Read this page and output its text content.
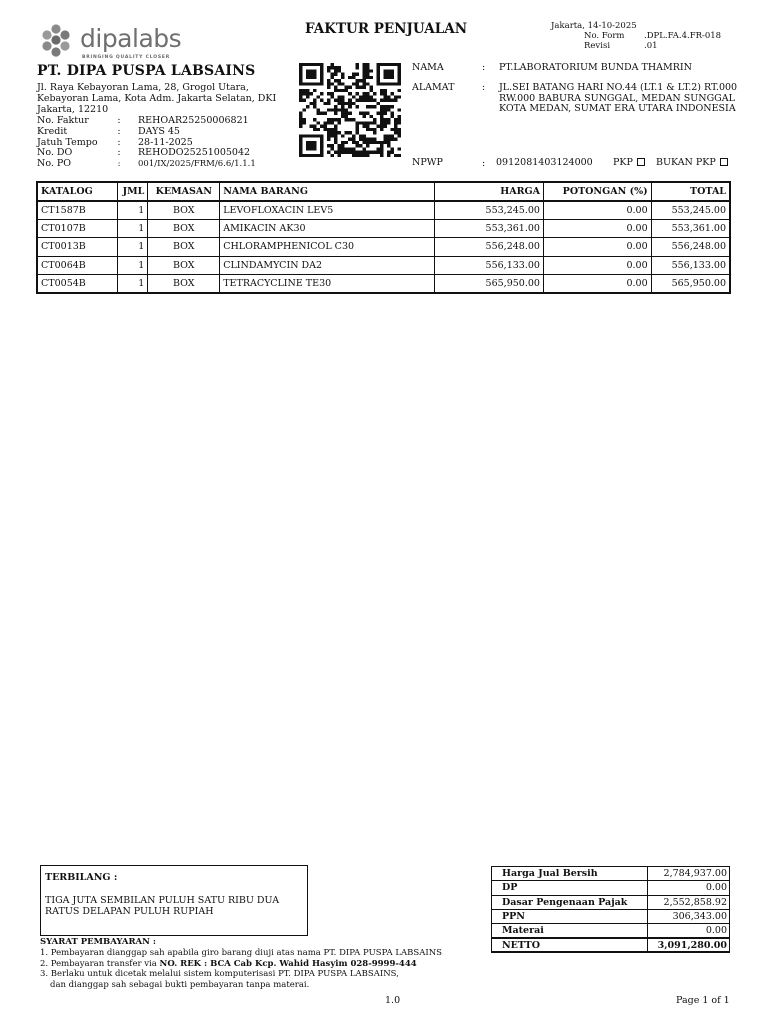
dipalabs
BRINGING QUALITY CLOSER
FAKTUR PENJUALAN	Jakarta, 14-10-2025
No. Form	.DPL.FA.4.FR-018
Revisi	.01
PT. DIPA PUSPA LABSAINS
Jl. Raya Kebayoran Lama, 28, Grogol Utara, Kebayoran Lama, Kota Adm. Jakarta Selatan, DKI Jakarta, 12210
No. Faktur	:	REHOAR25250006821
Kredit	:	DAYS 45
Jatuh Tempo	:	28-11-2025
No. DO	:	REHODO25251005042
No. PO	:	001/IX/2025/FRM/6.6/1.1.1
NAMA	: PT.LABORATORIUM BUNDA THAMRIN
ALAMAT	: JL.SEI BATANG HARI NO.44 (LT.1 & LT.2) RT.000 RW.000 BABURA SUNGGAL, MEDAN SUNGGAL KOTA MEDAN, SUMAT ERA UTARA INDONESIA
NPWP	: 0912081403124000 PKP	BUKAN PKP
KATALOG	JML	KEMASAN	NAMA BARANG	HARGA	POTONGAN (%)	TOTAL
CT1587B	1	BOX	LEVOFLOXACIN LEV5	553,245.00	0.00	553,245.00
CT0107B	1	BOX	AMIKACIN AK30	553,361.00	0.00	553,361.00
CT0013B	1	BOX	CHLORAMPHENICOL C30	556,248.00	0.00	556,248.00
CT0064B	1	BOX	CLINDAMYCIN DA2	556,133.00	0.00	556,133.00
CT0054B	1	BOX	TETRACYCLINE TE30	565,950.00	0.00	565,950.00
TERBILANG :
TIGA JUTA SEMBILAN PULUH SATU RIBU DUA RATUS DELAPAN PULUH RUPIAH
SYARAT PEMBAYARAN :
1. Pembayaran dianggap sah apabila giro barang diuji atas nama PT. DIPA PUSPA LABSAINS
2. Pembayaran transfer via NO. REK : BCA Cab Kcp. Wahid Hasyim 028-9999-444
3. Berlaku untuk dicetak melalui sistem komputerisasi PT. DIPA PUSPA LABSAINS,
dan dianggap sah sebagai bukti pembayaran tanpa materai.
Harga Jual Bersih	2,784,937.00
DP	0.00
Dasar Pengenaan Pajak	2,552,858.92
PPN	306,343.00
Materai	0.00
NETTO	3,091,280.00
1.0	Page 1 of 1
